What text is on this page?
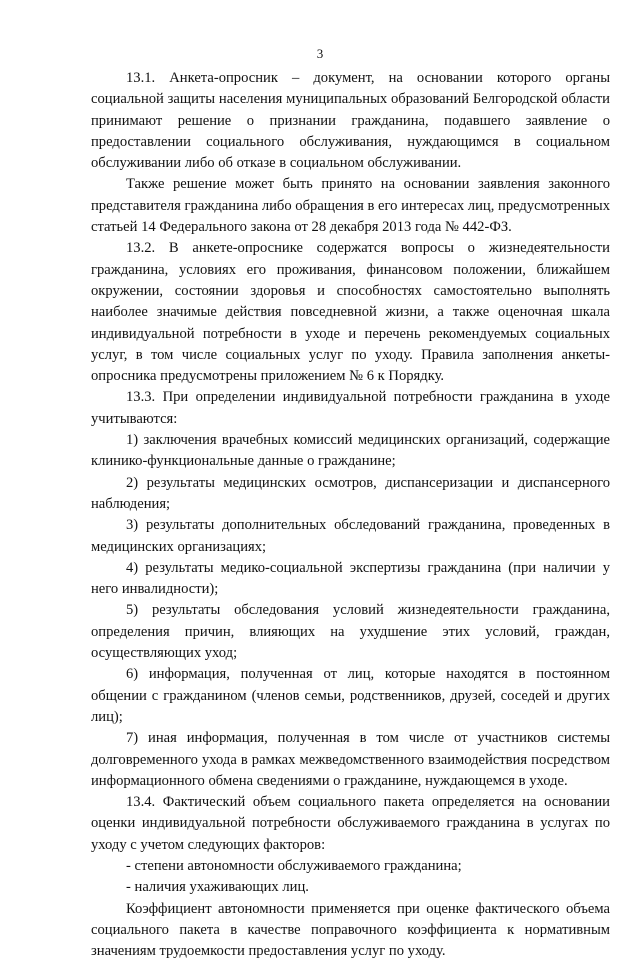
3

13.1. Анкета-опросник – документ, на основании которого органы социальной защиты населения муниципальных образований Белгородской области принимают решение о признании гражданина, подавшего заявление о предоставлении социального обслуживания, нуждающимся в социальном обслуживании либо об отказе в социальном обслуживании.

Также решение может быть принято на основании заявления законного представителя гражданина либо обращения в его интересах лиц, предусмотренных статьей 14 Федерального закона от 28 декабря 2013 года № 442-ФЗ.

13.2. В анкете-опроснике содержатся вопросы о жизнедеятельности гражданина, условиях его проживания, финансовом положении, ближайшем окружении, состоянии здоровья и способностях самостоятельно выполнять наиболее значимые действия повседневной жизни, а также оценочная шкала индивидуальной потребности в уходе и перечень рекомендуемых социальных услуг, в том числе социальных услуг по уходу. Правила заполнения анкеты-опросника предусмотрены приложением № 6 к Порядку.

13.3. При определении индивидуальной потребности гражданина в уходе учитываются:

1) заключения врачебных комиссий медицинских организаций, содержащие клинико-функциональные данные о гражданине;

2) результаты медицинских осмотров, диспансеризации и диспансерного наблюдения;

3) результаты дополнительных обследований гражданина, проведенных в медицинских организациях;

4) результаты медико-социальной экспертизы гражданина (при наличии у него инвалидности);

5) результаты обследования условий жизнедеятельности гражданина, определения причин, влияющих на ухудшение этих условий, граждан, осуществляющих уход;

6) информация, полученная от лиц, которые находятся в постоянном общении с гражданином (членов семьи, родственников, друзей, соседей и других лиц);

7) иная информация, полученная в том числе от участников системы долговременного ухода в рамках межведомственного взаимодействия посредством информационного обмена сведениями о гражданине, нуждающемся в уходе.

13.4. Фактический объем социального пакета определяется на основании оценки индивидуальной потребности обслуживаемого гражданина в услугах по уходу с учетом следующих факторов:

- степени автономности обслуживаемого гражданина;

- наличия ухаживающих лиц.

Коэффициент автономности применяется при оценке фактического объема социального пакета в качестве поправочного коэффициента к нормативным значениям трудоемкости предоставления услуг по уходу.
